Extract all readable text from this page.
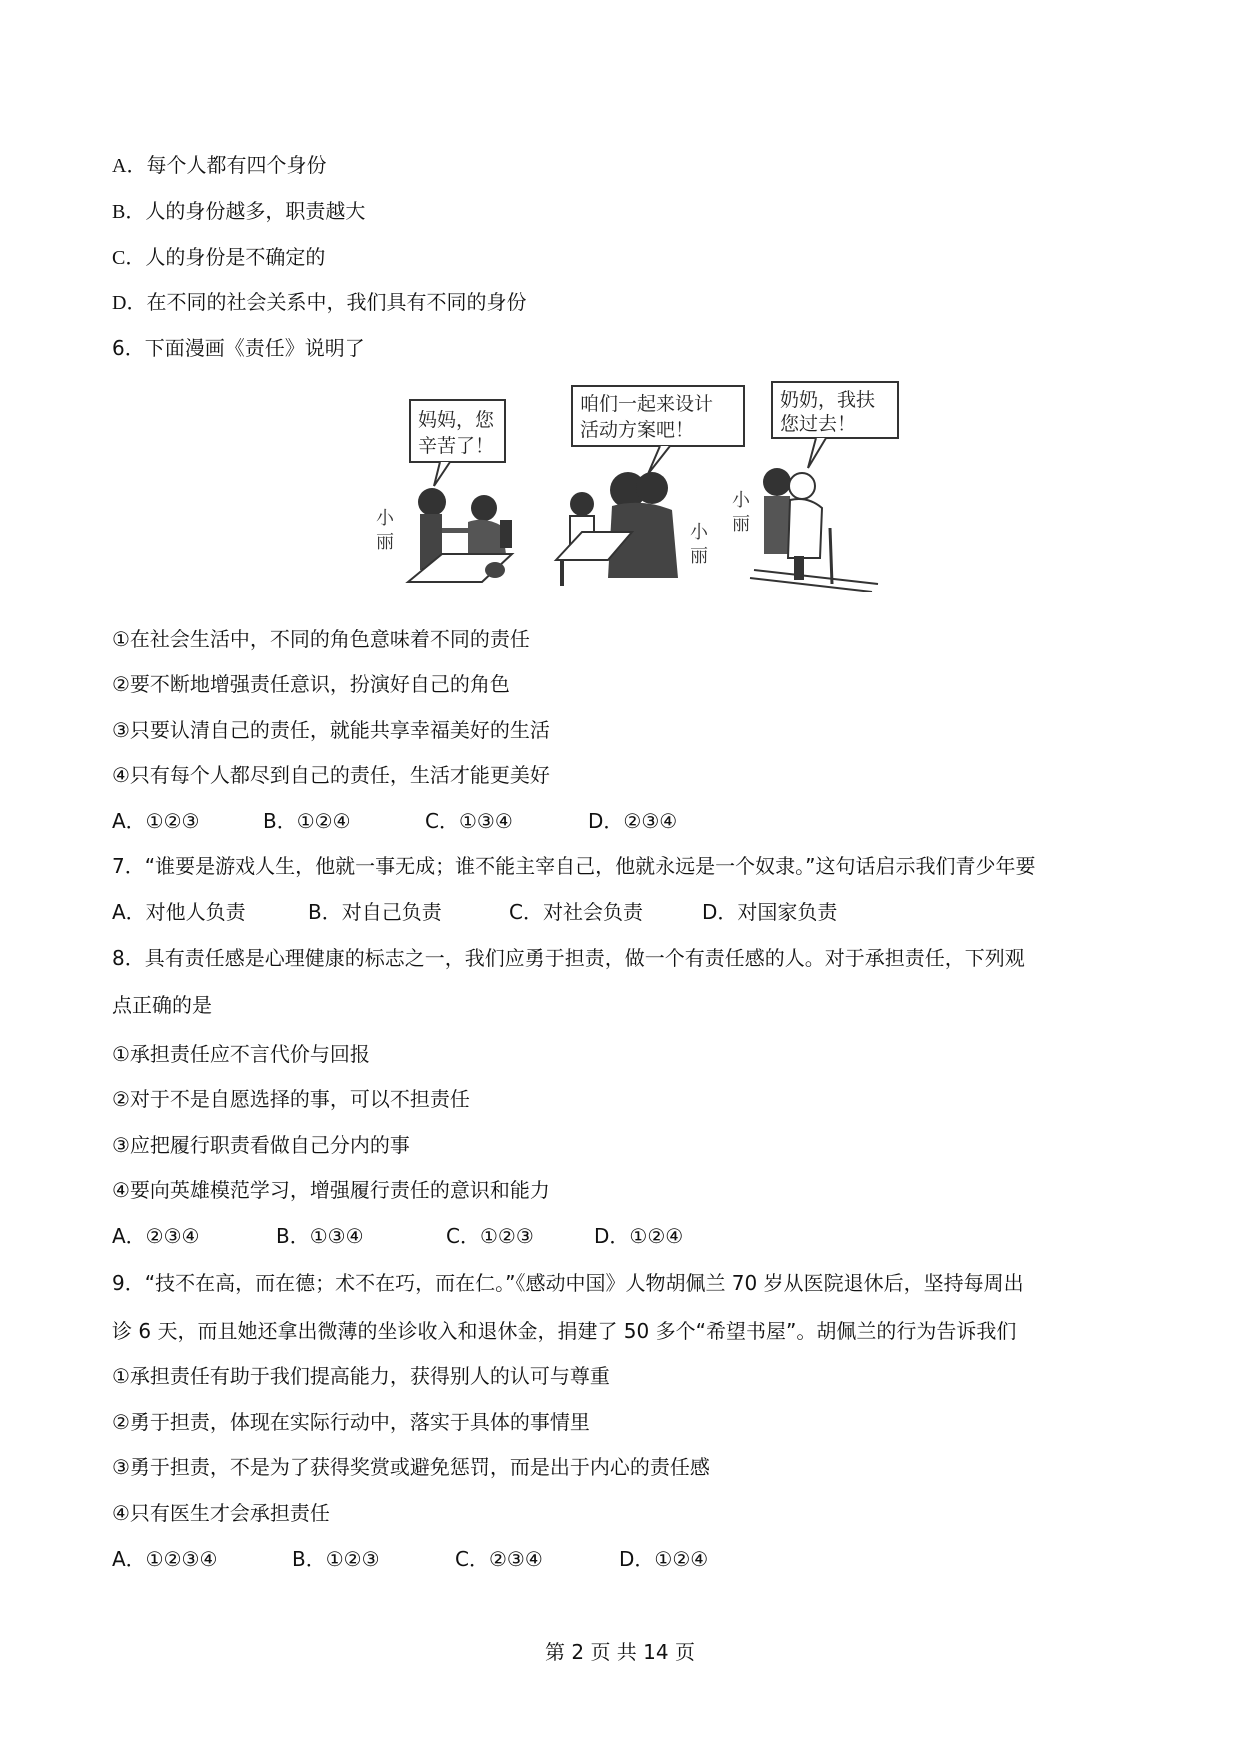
A．每个人都有四个身份
B．人的身份越多，职责越大
C．人的身份是不确定的
D．在不同的社会关系中，我们具有不同的身份
6．下面漫画《责任》说明了
妈妈，您
辛苦了！
小
丽
咱们一起来设计
活动方案吧！
小
丽
奶奶，我扶
您过去！
小
丽
①在社会生活中，不同的角色意味着不同的责任
②要不断地增强责任意识，扮演好自己的角色
③只要认清自己的责任，就能共享幸福美好的生活
④只有每个人都尽到自己的责任，生活才能更美好
A．①②③	B．①②④	C．①③④	D．②③④
7．“谁要是游戏人生，他就一事无成；谁不能主宰自己，他就永远是一个奴隶。”这句话启示我们青少年要
A．对他人负责	B．对自己负责	C．对社会负责	D．对国家负责
8．具有责任感是心理健康的标志之一，我们应勇于担责，做一个有责任感的人。对于承担责任，下列观
点正确的是
①承担责任应不言代价与回报
②对于不是自愿选择的事，可以不担责任
③应把履行职责看做自己分内的事
④要向英雄模范学习，增强履行责任的意识和能力
A．②③④	B．①③④	C．①②③	D．①②④
9．“技不在高，而在德；术不在巧，而在仁。”《感动中国》人物胡佩兰 70 岁从医院退休后，坚持每周出
诊 6 天，而且她还拿出微薄的坐诊收入和退休金，捐建了 50 多个“希望书屋”。胡佩兰的行为告诉我们
①承担责任有助于我们提高能力，获得别人的认可与尊重
②勇于担责，体现在实际行动中，落实于具体的事情里
③勇于担责，不是为了获得奖赏或避免惩罚，而是出于内心的责任感
④只有医生才会承担责任
A．①②③④	B．①②③	C．②③④	D．①②④
第 2 页 共 14 页
